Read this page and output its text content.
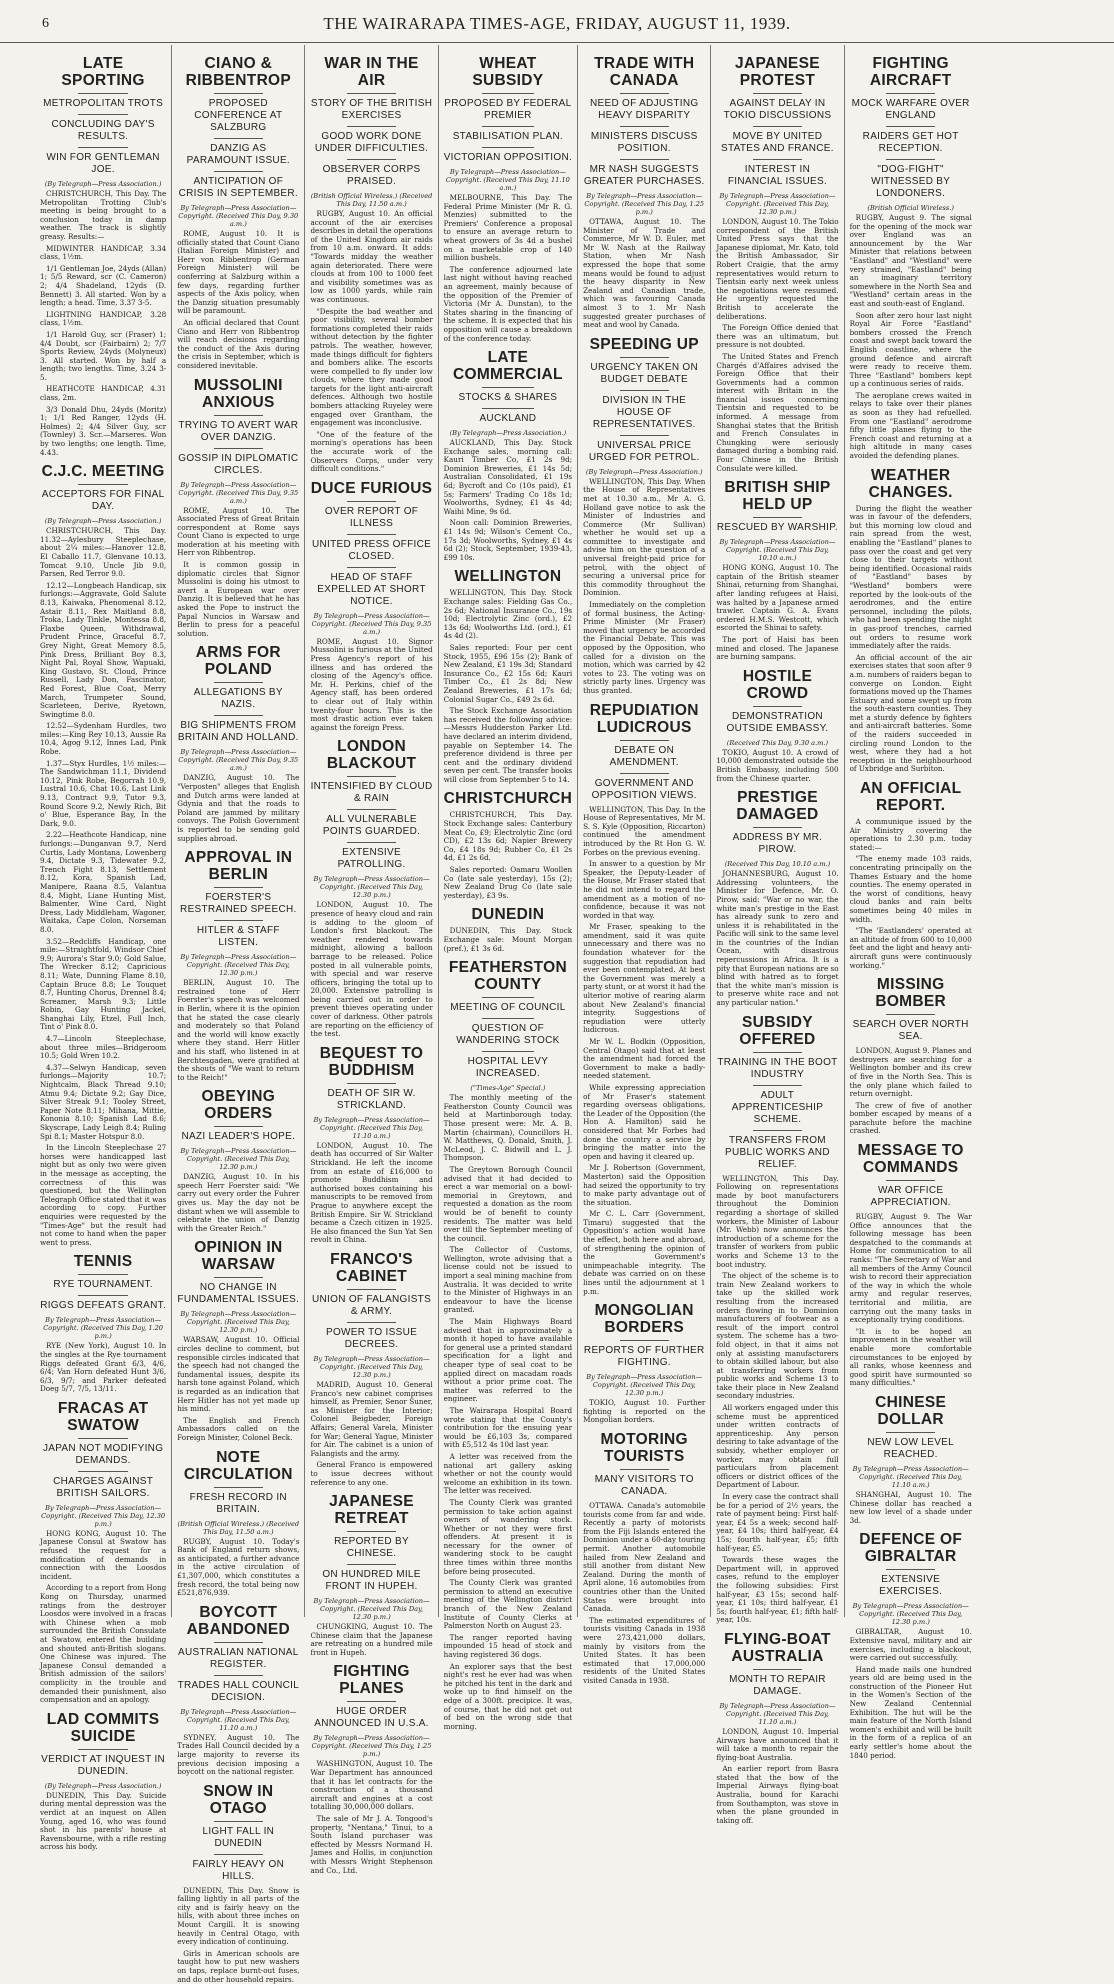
6	THE WAIRARAPA TIMES-AGE, FRIDAY, AUGUST 11, 1939.
LATE SPORTING
METROPOLITAN TROTS
CONCLUDING DAY'S RESULTS.
WIN FOR GENTLEMAN JOE.
(By Telegraph—Press Association.)

CHRISTCHURCH, This Day. The Metropolitan Trotting Club's meeting is being brought to a conclusion today in damp weather. The track is slightly greasy. Results:—

MIDWINTER HANDICAP, 3.34 class, 1½m.

1/1 Gentleman Joe, 24yds (Allan) 1; 5/5 Reward, scr (C. Cameron) 2; 4/4 Shadeland, 12yds (D. Bennett) 3. All started. Won by a length; a head. Time, 3.37 3-5.

LIGHTNING HANDICAP, 3.28 class, 1½m.

1/1 Harold Guy, scr (Fraser) 1; 4/4 Doubt, scr (Fairbairn) 2; 7/7 Sports Review, 24yds (Molyneux) 3. All started. Won by half a length; two lengths. Time, 3.24 3-5.

HEATHCOTE HANDICAP, 4.31 class, 2m.

3/3 Donald Dhu, 24yds (Moritz) 1; 1/1 Red Ranger, 12yds (H. Holmes) 2; 4/4 Silver Guy, scr (Townley) 3. Scr.—Marseres. Won by two lengths; one length. Time, 4.43.

C.J.C. MEETING
ACCEPTORS FOR FINAL DAY.
(By Telegraph—Press Association.)

CHRISTCHURCH, This Day. 11.32—Aylesbury Steeplechase, about 2¼ miles:—Hanover 12.8, El Caballo 11.7, Glenvane 10.13, Tomcat 9.10, Uncle Jib 9.0, Parsen, Red Terror 9.0.

12.12—Longbeach Handicap, six furlongs:—Aggravate, Gold Salute 8.13, Kaiwaka, Phenomenal 8.12, Astair 8.11, Rex Maitland 8.8, Troka, Lady Tinkle, Montessa 8.8, Flaxbe Queen, Withdrawal, Prudent Prince, Graceful 8.7, Grey Night, Great Memory 8.5, Pink Dress, Brilliant Boy 8.3, Night Pal, Royal Show, Wapuaki, King Gustavo, St. Cloud, Prince Russell, Lady Don, Fascinator, Red Forest, Blue Coat, Merry March, Trumpeter Sound, Scarleteen, Derive, Ryetown, Swingtime 8.0.

12.52—Sydenham Hurdles, two miles:—King Rey 10.13, Aussie Ra 10.4, Agog 9.12, Innes Lad, Pink Robe.

1.37—Styx Hurdles, 1½ miles:—The Sandwichman 11.1, Dividend 10.12, Pink Robe, Begorrah 10.9, Lustral 10.6, Chat 10.6, Last Link 9.13, Contract 9.9, Tutor 9.3, Round Score 9.2, Newly Rich, Bit o' Blue, Esperance Bay, In the Dark, 9.0.

2.22—Heathcote Handicap, nine furlongs:—Dunganvan 9.7, Nerd Curtis, Lady Montana, Lowenberg 9.4, Dictate 9.3, Tidewater 9.2, Trench Fight 8.13, Settlement 8.12, Kora, Spanish Lad, Manipere, Raana 8.5, Valantua 8.4, Might, Liane Hunting Mist, Balmenter, Wine Card, Night Dress, Lady Middleham, Wagoner, Waitaka, Cape Colon, Norseman 8.0.

3.52—Redcliffs Handicap, one mile:—Straightfold, Windsor Chief 9.9; Aurora's Star 9.0; Gold Salue, The Wrecker 8.12; Capricious 8.11; Wate, Dunning Flame 8.10, Captain Bruce 8.8; Le Touquet 8.7, Hunting Chorus, Drennel 8.4; Screamer, Marsh 9.3; Little Robin, Gay Hunting Jackel, Shanghai Lily, Etzel, Full Inch, Tint o' Pink 8.0.

4.7—Lincoln Steeplechase, about three miles—Bridgeroom 10.5; Gold Wren 10.2.

4.37—Selwyn Handicap, seven furlongs—Majority 10.7; Nightcalm, Black Thread 9.10; Atmu 9.4; Dictate 9.2; Gay Dice, Silver Streak 9.1; Tooley Street, Paper Note 8.11; Mihana, Mittie, Kononia 8.10; Spanish Lad 8.6; Skyscrape, Lady Leigh 8.4; Ruling Spi 8.1; Master Hotspur 8.0.

In the Lincoln Steeplechase 27 horses were handicapped last night but as only two were given in the message as accepting, the correctness of this was questioned, but the Wellington Telegraph Office stated that it was according to copy. Further enquiries were requested by the "Times-Age" but the result had not come to hand when the paper went to press.

TENNIS
RYE TOURNAMENT.
RIGGS DEFEATS GRANT.
By Telegraph—Press Association—Copyright. (Received This Day, 1.20 p.m.)

RYE (New York), August 10. In the singles at the Rye tournament Riggs defeated Grant 6/3, 4/6, 6/4; Van Horn defeated Hunt 3/6, 6/3, 9/7; and Parker defeated Doeg 5/7, 7/5, 13/11.

FRACAS AT SWATOW
JAPAN NOT MODIFYING DEMANDS.
CHARGES AGAINST BRITISH SAILORS.
By Telegraph—Press Association—Copyright. (Received This Day, 12.30 p.m.)

HONG KONG, August 10. The Japanese Consul at Swatow has refused the request for a modification of demands in connection with the Loosdos incident.

According to a report from Hong Kong on Thursday, unarmed ratings from the destroyer Loosdos were involved in a fracas with Chinese when a mob surrounded the British Consulate at Swatow, entered the building and shouted anti-British slogans. One Chinese was injured. The Japanese Consul demanded a British admission of the sailors' complicity in the trouble and demanded their punishment, also compensation and an apology.

LAD COMMITS SUICIDE
VERDICT AT INQUEST IN DUNEDIN.
(By Telegraph—Press Association.)

DUNEDIN, This Day. Suicide during mental depression was the verdict at an inquest on Allen Young, aged 16, who was found shot in his parents' house at Ravensbourne, with a rifle resting across his body.

CIANO & RIBBENTROP
PROPOSED CONFERENCE AT SALZBURG
DANZIG AS PARAMOUNT ISSUE.
ANTICIPATION OF CRISIS IN SEPTEMBER.
By Telegraph—Press Association—Copyright. (Received This Day, 9.30 a.m.)

ROME, August 10. It is officially stated that Count Ciano (Italian Foreign Minister) and Herr von Ribbentrop (German Foreign Minister) will be conferring at Salzburg within a few days, regarding further aspects of the Axis policy, when the Danzig situation presumably will be paramount.

An official declared that Count Ciano and Herr von Ribbentrop will reach decisions regarding the conduct of the Axis during the crisis in September, which is considered inevitable.

MUSSOLINI ANXIOUS
TRYING TO AVERT WAR OVER DANZIG.
GOSSIP IN DIPLOMATIC CIRCLES.
By Telegraph—Press Association—Copyright. (Received This Day, 9.35 a.m.)

ROME, August 10. The Associated Press of Great Britain correspondent at Rome says Count Ciano is expected to urge moderation at his meeting with Herr von Ribbentrop.

It is common gossip in diplomatic circles that Signor Mussolini is doing his utmost to avert a European war over Danzig. It is believed that he has asked the Pope to instruct the Papal Nuncios in Warsaw and Berlin to press for a peaceful solution.

ARMS FOR POLAND
ALLEGATIONS BY NAZIS.
BIG SHIPMENTS FROM BRITAIN AND HOLLAND.
By Telegraph—Press Association—Copyright. (Received This Day, 9.35 a.m.)

DANZIG, August 10. The "Verposten" alleges that English and Dutch arms were landed at Gdynia and that the roads to Poland are jammed by military convoys. The Polish Government is reported to be sending gold supplies abroad.

APPROVAL IN BERLIN
FOERSTER'S RESTRAINED SPEECH.
HITLER & STAFF LISTEN.
By Telegraph—Press Association—Copyright. (Received This Day, 12.30 p.m.)

BERLIN, August 10. The restrained tone of Herr Foerster's speech was welcomed in Berlin, where it is the opinion that he stated the case clearly and moderately so that Poland and the world will know exactly where they stand. Herr Hitler and his staff, who listened in at Berchtesgaden, were gratified at the shouts of "We want to return to the Reich!"

OBEYING ORDERS
NAZI LEADER'S HOPE.
By Telegraph—Press Association—Copyright. (Received This Day, 12.30 p.m.)

DANZIG, August 10. In his speech Herr Foerster said: "We carry out every order the Fuhrer gives us. May the day not be distant when we will assemble to celebrate the union of Danzig with the Greater Reich."

OPINION IN WARSAW
NO CHANGE IN FUNDAMENTAL ISSUES.
By Telegraph—Press Association—Copyright. (Received This Day, 12.30 p.m.)

WARSAW, August 10. Official circles decline to comment, but responsible circles indicated that the speech had not changed the fundamental issues, despite its harsh tone against Poland, which is regarded as an indication that Herr Hitler has not yet made up his mind.

The English and French Ambassadors called on the Foreign Minister, Colonel Beck.

NOTE CIRCULATION
FRESH RECORD IN BRITAIN.
(British Official Wireless.) (Received This Day, 11.50 a.m.)

RUGBY, August 10. Today's Bank of England return shows, as anticipated, a further advance in the active circulation of £1,307,000, which constitutes a fresh record, the total being now £521,876,939.

BOYCOTT ABANDONED
AUSTRALIAN NATIONAL REGISTER.
TRADES HALL COUNCIL DECISION.
By Telegraph—Press Association—Copyright. (Received This Day, 11.10 a.m.)

SYDNEY, August 10. The Trades Hall Council decided by a large majority to reverse its previous decision imposing a boycott on the national register.

SNOW IN OTAGO
LIGHT FALL IN DUNEDIN
FAIRLY HEAVY ON HILLS.

DUNEDIN, This Day. Snow is falling lightly in all parts of the city and is fairly heavy on the hills, with about three inches on Mount Cargill. It is snowing heavily in Central Otago, with every indication of continuing.

Girls in American schools are taught how to put new washers on taps, replace burnt-out fuses, and do other household repairs.

WAR IN THE AIR
STORY OF THE BRITISH EXERCISES
GOOD WORK DONE UNDER DIFFICULTIES.
OBSERVER CORPS PRAISED.
(British Official Wireless.) (Received This Day, 11.50 a.m.)

RUGBY, August 10. An official account of the air exercises describes in detail the operations of the United Kingdom air raids from 10 a.m. onward. It adds: "Towards midday the weather again deteriorated. There were clouds at from 100 to 1000 feet and visibility sometimes was as low as 1000 yards, while rain was continuous.

"Despite the bad weather and poor visibility, several bomber formations completed their raids without detection by the fighter patrols. The weather, however, made things difficult for fighters and bombers alike. The escorts were compelled to fly under low clouds, where they made good targets for the light anti-aircraft defences. Although two hostile bombers attacking Ruyeley were engaged over Grantham, the engagement was inconclusive.

"One of the feature of the morning's operations has been the accurate work of the Observers Corps, under very difficult conditions."

DUCE FURIOUS
OVER REPORT OF ILLNESS
UNITED PRESS OFFICE CLOSED.
HEAD OF STAFF EXPELLED AT SHORT NOTICE.
By Telegraph—Press Association—Copyright. (Received This Day, 9.35 a.m.)

ROME, August 10. Signor Mussolini is furious at the United Press Agency's report of his illness and has ordered the closing of the Agency's office. Mr. H. Perkins, chief of the Agency staff, has been ordered to clear out of Italy within twenty-four hours. This is the most drastic action ever taken against the foreign Press.

LONDON BLACKOUT
INTENSIFIED BY CLOUD & RAIN
ALL VULNERABLE POINTS GUARDED.
EXTENSIVE PATROLLING.
By Telegraph—Press Association—Copyright. (Received This Day, 12.30 p.m.)

LONDON, August 10. The presence of heavy cloud and rain is adding to the gloom of London's first blackout. The weather rendered towards midnight, allowing a balloon barrage to be released. Police posted in all vulnerable points, with special and war reserve officers, bringing the total up to 20,000. Extensive patrolling is being carried out in order to prevent thieves operating under cover of darkness. Other patrols are reporting on the efficiency of the test.

BEQUEST TO BUDDHISM
DEATH OF SIR W. STRICKLAND.
By Telegraph—Press Association—Copyright. (Received This Day, 11.10 a.m.)

LONDON, August 10. The death has occurred of Sir Walter Strickland. He left the income from an estate of £16,000 to promote Buddhism and authorised boxes containing his manuscripts to be removed from Prague to anywhere except the British Empire. Sir W. Strickland became a Czech citizen in 1925. He also financed the Sun Yat Sen revolt in China.

FRANCO'S CABINET
UNION OF FALANGISTS & ARMY.
POWER TO ISSUE DECREES.
By Telegraph—Press Association—Copyright. (Received This Day, 12.30 p.m.)

MADRID, August 10. General Franco's new cabinet comprises himself, as Premier, Senor Suner, as Minister for the Interior; Colonel Beigbeder, Foreign Affairs; General Varela, Minister for War; General Yague, Minister for Air. The cabinet is a union of Falangists and the army.

General Franco is empowered to issue decrees without reference to any one.

JAPANESE RETREAT
REPORTED BY CHINESE.
ON HUNDRED MILE FRONT IN HUPEH.
By Telegraph—Press Association—Copyright. (Received This Day, 12.30 p.m.)

CHUNGKING, August 10. The Chinese claim that the Japanese are retreating on a hundred mile front in Hupeh.

FIGHTING PLANES
HUGE ORDER ANNOUNCED IN U.S.A.
By Telegraph—Press Association—Copyright. (Received This Day, 1.25 p.m.)

WASHINGTON, August 10. The War Department has announced that it has let contracts for the construction of a thousand aircraft and engines at a cost totalling 30,000,000 dollars.

The sale of Mr J. A. Tongood's property, "Nentana," Tinui, to a South Island purchaser was effected by Messrs Normand H. James and Hollis, in conjunction with Messrs Wright Stephenson and Co., Ltd.

WHEAT SUBSIDY
PROPOSED BY FEDERAL PREMIER
STABILISATION PLAN.
VICTORIAN OPPOSITION.
By Telegraph—Press Association—Copyright. (Received This Day, 11.10 a.m.)

MELBOURNE, This Day. The Federal Prime Minister (Mr R. G. Menzies) submitted to the Premiers' Conference a proposal to ensure an average return to wheat growers of 3s 4d a bushel on a marketable crop of 140 million bushels.

The conference adjourned late last night without having reached an agreement, mainly because of the opposition of the Premier of Victoria (Mr A. Dunstan), to the States sharing in the financing of the scheme. It is expected that his opposition will cause a breakdown of the conference today.

LATE COMMERCIAL
STOCKS & SHARES
AUCKLAND
(By Telegraph—Press Association.)

AUCKLAND, This Day. Stock Exchange sales, morning call: Kauri Timber Co, £1 2s 9d; Dominion Breweries, £1 14s 5d; Australian Consolidated, £1 19s 6d; Bycroft and Co (10s paid), £1 5s; Farmers' Trading Co 18s 1d; Woolworths, Sydney, £1 4s 4d; Waihi Mine, 9s 6d.

Noon call: Dominion Breweries, £1 14s 9d; Wilson's Cement Co., 17s 3d; Woolworths, Sydney, £1 4s 6d (2); Stock, September, 1939-43, £99 10s.

WELLINGTON

WELLINGTON, This Day. Stock Exchange sales: Fielding Gas Co., 2s 6d; National Insurance Co., 19s 10d; Electrolytic Zinc (ord.), £2 13s 6d; Woolworths Ltd. (ord.), £1 4s 4d (2).

Sales reported: Four per cent Stock, 1955, £96 15s (2); Bank of New Zealand, £1 19s 3d; Standard Insurance Co., £2 15s 6d; Kauri Timber Co., £1 2s 8d; New Zealand Breweries, £1 17s 6d; Colonial Sugar Co., £49 2s 6d.

The Stock Exchange Association has received the following advice:—Messrs Hudderston Parker Ltd. have declared an interim dividend, payable on September 14. The preference dividend is three per cent and the ordinary dividend seven per cent. The transfer books will close from September 5 to 14.

CHRISTCHURCH

CHRISTCHURCH, This Day. Stock Exchange sales: Canterbury Meat Co, £9; Electrolytic Zinc (ord CD), £2 13s 6d; Napier Brewery Co, £4 18s 9d; Rubber Co, £1 2s 4d, £1 2s 6d.

Sales reported: Oamaru Woollen Co (late sale yesterday), 15s (2); New Zealand Drug Co (late sale yesterday), £3 9s.

DUNEDIN

DUNEDIN, This Day. Stock Exchange sale: Mount Morgan (pref.), £1 3s 6d.

FEATHERSTON COUNTY
MEETING OF COUNCIL
QUESTION OF WANDERING STOCK
HOSPITAL LEVY INCREASED.
("Times-Age" Special.)

The monthly meeting of the Featherston County Council was held at Martinborough today. Those present were: Mr. A. B. Martin (chairman), Councillors H. W. Matthews, Q. Donald, Smith, J. McLeod, J. C. Bidwill and L. J. Thompson.

The Greytown Borough Council advised that it had decided to erect a war memorial on a bowl-memorial in Greytown, and requested a donation as the room would be of benefit to county residents. The matter was held over till the September meeting of the council.

The Collector of Customs, Wellington, wrote advising that a license could not be issued to import a seal mining machine from Australia. It was decided to write to the Minister of Highways in an endeavour to have the license granted.

The Main Highways Board advised that in approximately a month it hoped to have available for general use a printed standard specification for a light and cheaper type of seal coat to be applied direct on macadam roads without a prior prime coat. The matter was referred to the engineer.

The Wairarapa Hospital Board wrote stating that the County's contribution for the ensuing year would be £6,103 3s, compared with £5,512 4s 10d last year.

A letter was received from the national art gallery asking whether or not the county would welcome an exhibition in its town. The letter was received.

The County Clerk was granted permission to take action against owners of wandering stock. Whether or not they were first offenders. At present it is necessary for the owner of wandering stock to be caught three times within three months before being prosecuted.

The County Clerk was granted permission to attend an executive meeting of the Wellington district branch of the New Zealand Institute of County Clerks at Palmerston North on August 23.

The ranger reported having impounded 15 head of stock and having registered 36 dogs.

An explorer says that the best night's rest he ever had was when he pitched his tent in the dark and woke up to find himself on the edge of a 300ft. precipice. It was, of course, that he did not get out of bed on the wrong side that morning.

TRADE WITH CANADA
NEED OF ADJUSTING HEAVY DISPARITY
MINISTERS DISCUSS POSITION.
MR NASH SUGGESTS GREATER PURCHASES.
By Telegraph—Press Association—Copyright. (Received This Day, 1.25 p.m.)

OTTAWA, August 10. The Minister of Trade and Commerce, Mr W. D. Euler, met Mr W. Nash at the Railway Station, when Mr Nash expressed the hope that some means would be found to adjust the heavy disparity in New Zealand and Canadian trade, which was favouring Canada almost 3 to 1. Mr Nash suggested greater purchases of meat and wool by Canada.

SPEEDING UP
URGENCY TAKEN ON BUDGET DEBATE
DIVISION IN THE HOUSE OF REPRESENTATIVES.
UNIVERSAL PRICE URGED FOR PETROL.
(By Telegraph—Press Association.)

WELLINGTON, This Day. When the House of Representatives met at 10.30 a.m., Mr A. G. Holland gave notice to ask the Minister of Industries and Commerce (Mr Sullivan) whether he would set up a committee to investigate and advise him on the question of a universal freight-paid price for petrol, with the object of securing a universal price for this commodity throughout the Dominion.

Immediately on the completion of formal business, the Acting-Prime Minister (Mr Fraser) moved that urgency be accorded the Financial Debate. This was opposed by the Opposition, who called for a division on the motion, which was carried by 42 votes to 23. The voting was on strictly party lines. Urgency was thus granted.

REPUDIATION LUDICROUS
DEBATE ON AMENDMENT.
GOVERNMENT AND OPPOSITION VIEWS.

WELLINGTON, This Day. In the House of Representatives, Mr M. S. S. Kyle (Opposition, Riccarton) continued the amendment introduced by the Rt Hon G. W. Forbes on the previous evening.

In answer to a question by Mr Speaker, the Deputy-Leader of the House, Mr Fraser stated that he did not intend to regard the amendment as a motion of no-confidence, because it was not worded in that way.

Mr Fraser, speaking to the amendment, said it was quite unnecessary and there was no foundation whatever for the suggestion that repudiation had ever been contemplated. At best the Government was merely a party stunt, or at worst it had the ulterior motive of rearing alarm about New Zealand's financial integrity. Suggestions of repudiation were utterly ludicrous.

Mr W. L. Bodkin (Opposition, Central Otago) said that at least the amendment had forced the Government to make a badly-needed statement.

While expressing appreciation of Mr Fraser's statement regarding overseas obligations, the Leader of the Opposition (the Hon A. Hamilton) said he considered that Mr Forbes had done the country a service by bringing the matter into the open and having it cleared up.

Mr J. Robertson (Government, Masterton) said the Opposition had seized the opportunity to try to make party advantage out of the situation.

Mr C. L. Carr (Government, Timaru) suggested that the Opposition's action would have the effect, both here and abroad, of strengthening the opinion of the Government's unimpeachable integrity. The debate was carried on on these lines until the adjournment at 1 p.m.

MONGOLIAN BORDERS
REPORTS OF FURTHER FIGHTING.
By Telegraph—Press Association—Copyright. (Received This Day, 12.30 p.m.)

TOKIO, August 10. Further fighting is reported on the Mongolian borders.

MOTORING TOURISTS
MANY VISITORS TO CANADA.

OTTAWA. Canada's automobile tourists come from far and wide. Recently a party of motorists from the Fiji Islands entered the Dominion under a 60-day touring permit. Another automobile hailed from New Zealand and still another from distant New Zealand. During the month of April alone, 16 automobiles from countries other than the United States were brought into Canada.

The estimated expenditures of tourists visiting Canada in 1938 were 273,421,000 dollars, mainly by visitors from the United States. It has been estimated that 17,000,000 residents of the United States visited Canada in 1938.

JAPANESE PROTEST
AGAINST DELAY IN TOKIO DISCUSSIONS
MOVE BY UNITED STATES AND FRANCE.
INTEREST IN FINANCIAL ISSUES.
By Telegraph—Press Association—Copyright. (Received This Day, 12.30 p.m.)

LONDON, August 10. The Tokio correspondent of the British United Press says that the Japanese diplomat, Mr. Kato, told the British Ambassador, Sir Robert Craigie, that the army representatives would return to Tientsin early next week unless the negotiations were resumed. He urgently requested the British to accelerate the deliberations.

The Foreign Office denied that there was an ultimatum, but pressure is not doubted.

The United States and French Chargés d'Affaires advised the Foreign Office that their Governments had a common interest with Britain in the financial issues concerning Tientsin and requested to be informed. A message from Shanghai states that the British and French Consulates in Chungking were seriously damaged during a bombing raid. Four Chinese in the British Consulate were killed.

BRITISH SHIP HELD UP
RESCUED BY WARSHIP.
By Telegraph—Press Association—Copyright. (Received This Day, 10.10 a.m.)

HONG KONG, August 10. The captain of the British steamer Shinai, returning from Shanghai, after landing refugees at Haisi, was halted by a Japanese armed trawler. Captain G. A. Evans ordered H.M.S. Westcott, which escorted the Shinai to safety.

The port of Haisi has been mined and closed. The Japanese are burning sampans.

HOSTILE CROWD
DEMONSTRATION OUTSIDE EMBASSY.
(Received This Day, 9.30 a.m.)

TOKIO, August 10. A crowd of 10,000 demonstrated outside the British Embassy, including 500 from the Chinese quarter.

PRESTIGE DAMAGED
ADDRESS BY MR. PIROW.
(Received This Day, 10.10 a.m.)

JOHANNESBURG, August 10. Addressing volunteers, the Minister for Defence, Mr. O. Pirow, said: "War or no war, the white man's prestige in the East has already sunk to zero and unless it is rehabilitated in the Pacific will sink to the same level in the countries of the Indian Ocean, with disastrous repercussions in Africa. It is a pity that European nations are so blind with hatred as to forget that the white man's mission is to preserve white race and not any particular nation."

SUBSIDY OFFERED
TRAINING IN THE BOOT INDUSTRY
ADULT APPRENTICESHIP SCHEME.
TRANSFERS FROM PUBLIC WORKS AND RELIEF.

WELLINGTON, This Day. Following on representations made by boot manufacturers throughout the Dominion regarding a shortage of skilled workers, the Minister of Labour (Mr. Webb) now announces the introduction of a scheme for the transfer of workers from public works and Scheme 13 to the boot industry.

The object of the scheme is to train New Zealand workers to take up the skilled work resulting from the increased orders flowing in to Dominion manufacturers of footwear as a result of the import control system. The scheme has a two-fold object, in that it aims not only at assisting manufacturers to obtain skilled labour, but also at transferring workers from public works and Scheme 13 to take their place in New Zealand secondary industries.

All workers engaged under this scheme must be apprenticed under written contracts of apprenticeship. Any person desiring to take advantage of the subsidy, whether employer or worker, may obtain full particulars from placement officers or district offices of the Department of Labour.

In every case the contract shall be for a period of 2½ years, the rate of payment being: First half-year, £4 5s a week; second half-year, £4 10s; third half-year, £4 15s; fourth half-year, £5; fifth half-year, £5.

Towards these wages the Department will, in approved cases, refund to the employer the following subsidies: First half-year, £3 15s; second half-year, £1 10s; third half-year, £1 5s; fourth half-year, £1; fifth half-year, 10s.

FLYING-BOAT AUSTRALIA
MONTH TO REPAIR DAMAGE.
By Telegraph—Press Association—Copyright. (Received This Day, 11.10 a.m.)

LONDON, August 10. Imperial Airways have announced that it will take a month to repair the flying-boat Australia.

An earlier report from Basra stated that the bow of the Imperial Airways flying-boat Australia, bound for Karachi from Southampton, was stove in when the plane grounded in taking off.

FIGHTING AIRCRAFT
MOCK WARFARE OVER ENGLAND
RAIDERS GET HOT RECEPTION.
"DOG-FIGHT" WITNESSED BY LONDONERS.
(British Official Wireless.)

RUGBY, August 9. The signal for the opening of the mock war over England was an announcement by the War Minister that relations between "Eastland" and "Westland" were very strained, "Eastland" being an imaginary territory somewhere in the North Sea and "Westland" certain areas in the east and south-east of England.

Soon after zero hour last night Royal Air Force "Eastland" bombers crossed the French coast and swept back toward the English coastline, where the ground defence and aircraft were ready to receive them. Three "Eastland" bombers kept up a continuous series of raids.

The aeroplane crews waited in relays to take over their planes as soon as they had refuelled. From one "Eastland" aerodrome fifty little planes flying to the French coast and returning at a high altitude in many cases avoided the defending planes.

WEATHER CHANGES.

During the flight the weather was in favour of the defenders, but this morning low cloud and rain spread from the west, enabling the "Eastland" planes to pass over the coast and get very close to their targets without being identified. Occasional raids of "Eastland" bases by "Westland" bombers were reported by the look-outs of the aerodromes, and the entire personnel, including the pilots, who had been spending the night in gas-proof trenches, carried out orders to resume work immediately after the raids.

An official account of the air exercises states that soon after 9 a.m. numbers of raiders began to converge on London. Eight formations moved up the Thames Estuary and some swept up from the south-eastern counties. They met a sturdy defence by fighters and anti-aircraft batteries. Some of the raiders succeeded in circling round London to the west, where they had a hot reception in the neighbourhood of Uxbridge and Surbiton.

AN OFFICIAL REPORT.

A communique issued by the Air Ministry covering the operations to 2.30 p.m. today stated:—

"The enemy made 103 raids, concentrating principally on the Thames Estuary and the home counties. The enemy operated in the worst of conditions, heavy cloud banks and rain belts sometimes being 40 miles in width.

"The 'Eastlanders' operated at an altitude of from 600 to 10,000 feet and the light and heavy anti-aircraft guns were continuously working."

MISSING BOMBER
SEARCH OVER NORTH SEA.

LONDON, August 9. Planes and destroyers are searching for a Wellington bomber and its crew of five in the North Sea. This is the only plane which failed to return overnight.

The crew of five of another bomber escaped by means of a parachute before the machine crashed.

MESSAGE TO COMMANDS
WAR OFFICE APPRECIATION.

RUGBY, August 9. The War Office announces that the following message has been despatched to the commands at Home for communication to all ranks: "The Secretary of War and all members of the Army Council wish to record their appreciation of the way in which the whole army and regular reserves, territorial and militia, are carrying out the many tasks in exceptionally trying conditions.

"It is to be hoped an improvement in the weather will enable more comfortable circumstances to be enjoyed by all ranks, whose keenness and good spirit have surmounted so many difficulties."

CHINESE DOLLAR
NEW LOW LEVEL REACHED.
By Telegraph—Press Association—Copyright. (Received This Day, 11.10 a.m.)

SHANGHAI, August 10. The Chinese dollar has reached a new low level of a shade under 3d.

DEFENCE OF GIBRALTAR
EXTENSIVE EXERCISES.
By Telegraph—Press Association—Copyright. (Received This Day, 12.30 p.m.)

GIBRALTAR, August 10. Extensive naval, military and air exercises, including a blackout, were carried out successfully.

Hand made nails one hundred years old are being used in the construction of the Pioneer Hut in the Women's Section of the New Zealand Centennial Exhibition. The hut will be the main feature of the North Island women's exhibit and will be built in the form of a replica of an early settler's home about the 1840 period.
